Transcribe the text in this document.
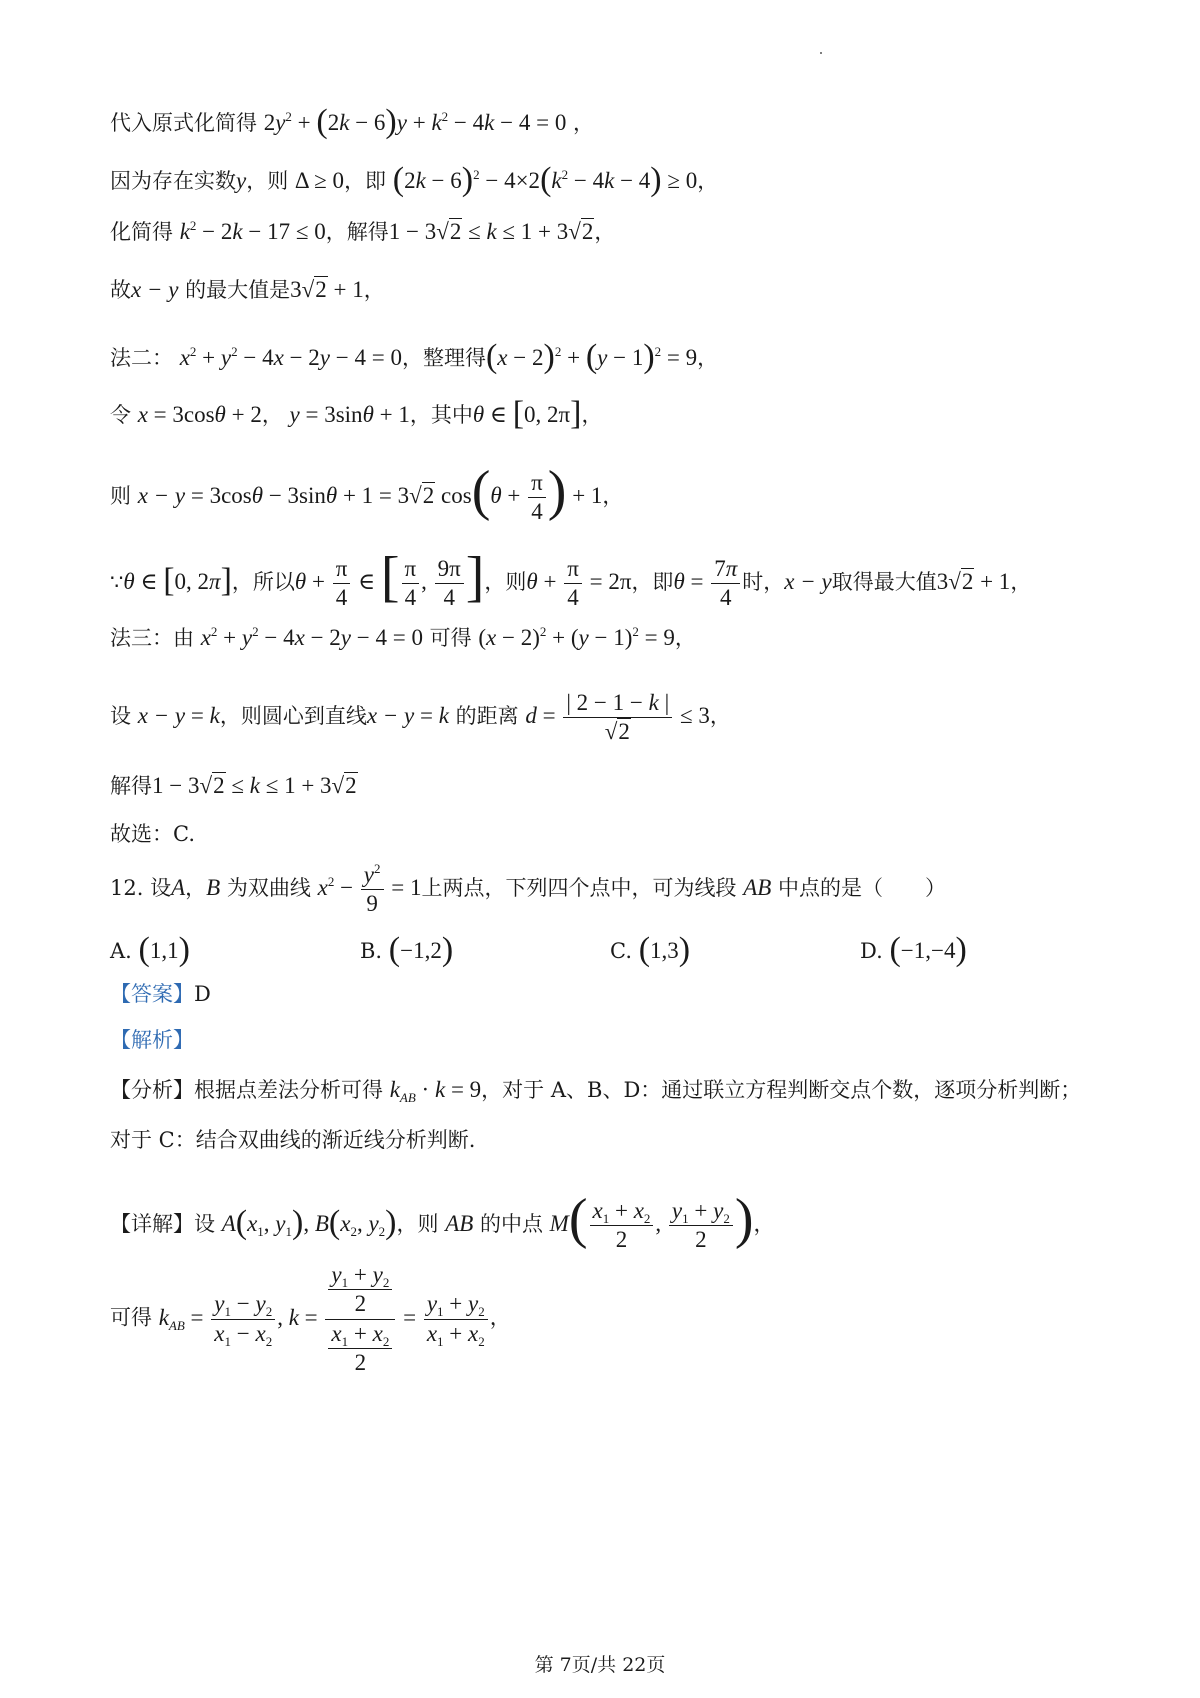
代入原式化简得 $2y^2 + (2k - 6)y + k^2 - 4k - 4 = 0$ ，
因为存在实数y，则 Δ ≥ 0，即 $(2k - 6)^2 - 4\times 2(k^2 - 4k - 4) \ge 0$，
化简得 $k^2 - 2k - 17 \le 0$，解得1 − 3√2 ≤ k ≤ 1 + 3√2，
故x − y 的最大值是3√2 + 1，
法二： $x^2 + y^2 - 4x - 2y - 4 = 0$，整理得$(x - 2)^2 + (y - 1)^2 = 9$，
令 x = 3cosθ + 2， y = 3sinθ + 1，其中θ ∈ [0, 2π]，
则 x − y = 3cosθ − 3sinθ + 1 = 3√2 $\cos(\theta + \frac{\pi}{4}$ ) + 1，
∵θ ∈ [0, 2π]，所以$\theta + \frac{\pi}{4}$ ∈ [ $\frac{\pi}{4}$ , $\frac{9\pi}{4}$ ]，则$\theta + \frac{\pi}{4} = 2\pi$，即$\theta = \frac{7\pi}{4}$ 时，x − y取得最大值3√2 + 1，
法三：由 $x^2 + y^2 - 4x - 2y - 4 = 0$ 可得 $(x - 2)^2 + (y - 1)^2 = 9$，
设 x − y = k，则圆心到直线x − y = k 的距离 $d = \frac{| 2 - 1 - k |}{√2} \le 3$，
解得1 − 3√2 ≤ k ≤ 1 + 3√2
故选：C.
12. 设A，B 为双曲线 $x^2 - \frac{y^2}{9} = 1$上两点，下列四个点中，可为线段 AB 中点的是（　　）
A. (1,1)	B. (−1,2)	C. (1,3)	D. (−1,−4)
【答案】D
【解析】
【分析】根据点差法分析可得 $k_{AB} \cdot k = 9$，对于 A、B、D：通过联立方程判断交点个数，逐项分析判断；
对于 C：结合双曲线的渐近线分析判断.
【详解】设 $A(x_1$, $y_1$), $B(x_2$, $y_2$)，则 AB 的中点 $M( \frac{x_1 + x_2}{2}$ , $\frac{y_1 + y_2}{2}$ )，
可得 $k_{AB} = \frac{y_1 - y_2}{x_1 - x_2}$ , $k = \frac{\frac{y_1 + y_2}{2}}{\frac{x_1 + x_2}{2}} = \frac{y_1 + y_2}{x_1 + x_2}$ ，
第 7页/共 22页
